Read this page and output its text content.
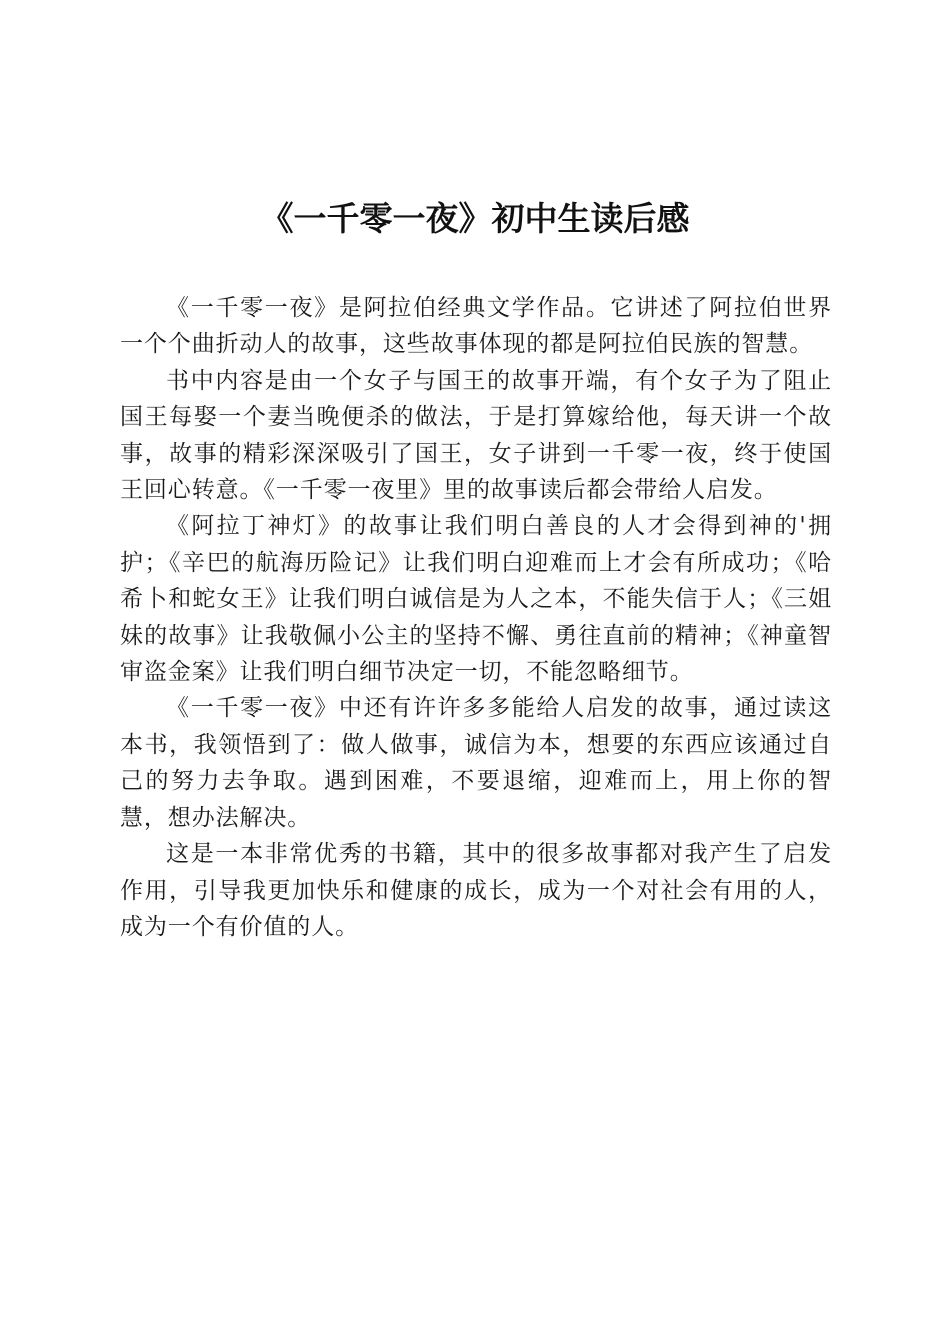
《一千零一夜》初中生读后感

《一千零一夜》是阿拉伯经典文学作品。它讲述了阿拉伯世界一个个曲折动人的故事，这些故事体现的都是阿拉伯民族的智慧。

书中内容是由一个女子与国王的故事开端，有个女子为了阻止国王每娶一个妻当晚便杀的做法，于是打算嫁给他，每天讲一个故事，故事的精彩深深吸引了国王，女子讲到一千零一夜，终于使国王回心转意。《一千零一夜里》里的故事读后都会带给人启发。

《阿拉丁神灯》的故事让我们明白善良的人才会得到神的'拥护；《辛巴的航海历险记》让我们明白迎难而上才会有所成功；《哈希卜和蛇女王》让我们明白诚信是为人之本，不能失信于人；《三姐妹的故事》让我敬佩小公主的坚持不懈、勇往直前的精神；《神童智审盗金案》让我们明白细节决定一切，不能忽略细节。

《一千零一夜》中还有许许多多能给人启发的故事，通过读这本书，我领悟到了：做人做事，诚信为本，想要的东西应该通过自己的努力去争取。遇到困难，不要退缩，迎难而上，用上你的智慧，想办法解决。

这是一本非常优秀的书籍，其中的很多故事都对我产生了启发作用，引导我更加快乐和健康的成长，成为一个对社会有用的人，成为一个有价值的人。
